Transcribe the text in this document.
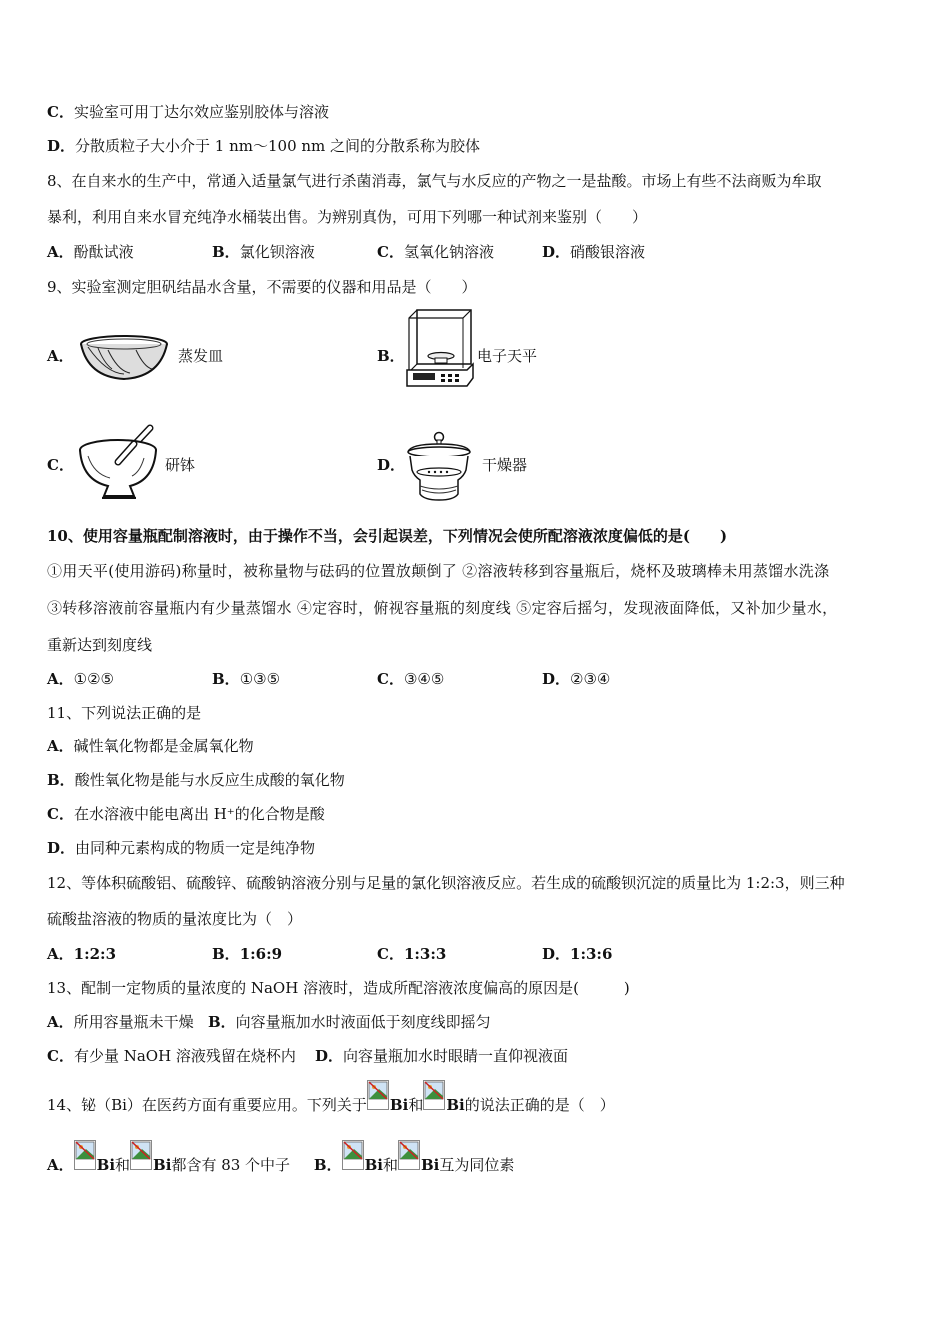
C．实验室可用丁达尔效应鉴别胶体与溶液
D．分散质粒子大小介于 1 nm～100 nm 之间的分散系称为胶体
8、在自来水的生产中，常通入适量氯气进行杀菌消毒，氯气与水反应的产物之一是盐酸。市场上有些不法商贩为牟取
暴利，利用自来水冒充纯净水桶装出售。为辨别真伪，可用下列哪一种试剂来鉴别（　　）
A．酚酞试液	B．氯化钡溶液	C．氢氧化钠溶液	D．硝酸银溶液
9、实验室测定胆矾结晶水含量，不需要的仪器和用品是（　　）
A．	蒸发皿	B．	电子天平
C．	研钵	D．	干燥器
10、使用容量瓶配制溶液时，由于操作不当，会引起误差，下列情况会使所配溶液浓度偏低的是(　　)
①用天平(使用游码)称量时，被称量物与砝码的位置放颠倒了 ②溶液转移到容量瓶后，烧杯及玻璃棒未用蒸馏水洗涤
③转移溶液前容量瓶内有少量蒸馏水 ④定容时，俯视容量瓶的刻度线 ⑤定容后摇匀，发现液面降低，又补加少量水，
重新达到刻度线
A．①②⑤	B．①③⑤	C．③④⑤	D．②③④
11、下列说法正确的是
A．碱性氧化物都是金属氧化物
B．酸性氧化物是能与水反应生成酸的氧化物
C．在水溶液中能电离出 H⁺的化合物是酸
D．由同种元素构成的物质一定是纯净物
12、等体积硫酸铝、硫酸锌、硫酸钠溶液分别与足量的氯化钡溶液反应。若生成的硫酸钡沉淀的质量比为 1:2:3，则三种
硫酸盐溶液的物质的量浓度比为（　）
A．1:2:3	B．1:6:9	C．1:3:3	D．1:3:6
13、配制一定物质的量浓度的 NaOH 溶液时，造成所配溶液浓度偏高的原因是(　　　)
A．所用容量瓶未干燥 B．向容量瓶加水时液面低于刻度线即摇匀
C．有少量 NaOH 溶液残留在烧杯内 D．向容量瓶加水时眼睛一直仰视液面
14、铋（Bi）在医药方面有重要应用。下列关于 Bi和 Bi的说法正确的是（　）
A． Bi和 Bi都含有 83 个中子 B． Bi和 Bi互为同位素
